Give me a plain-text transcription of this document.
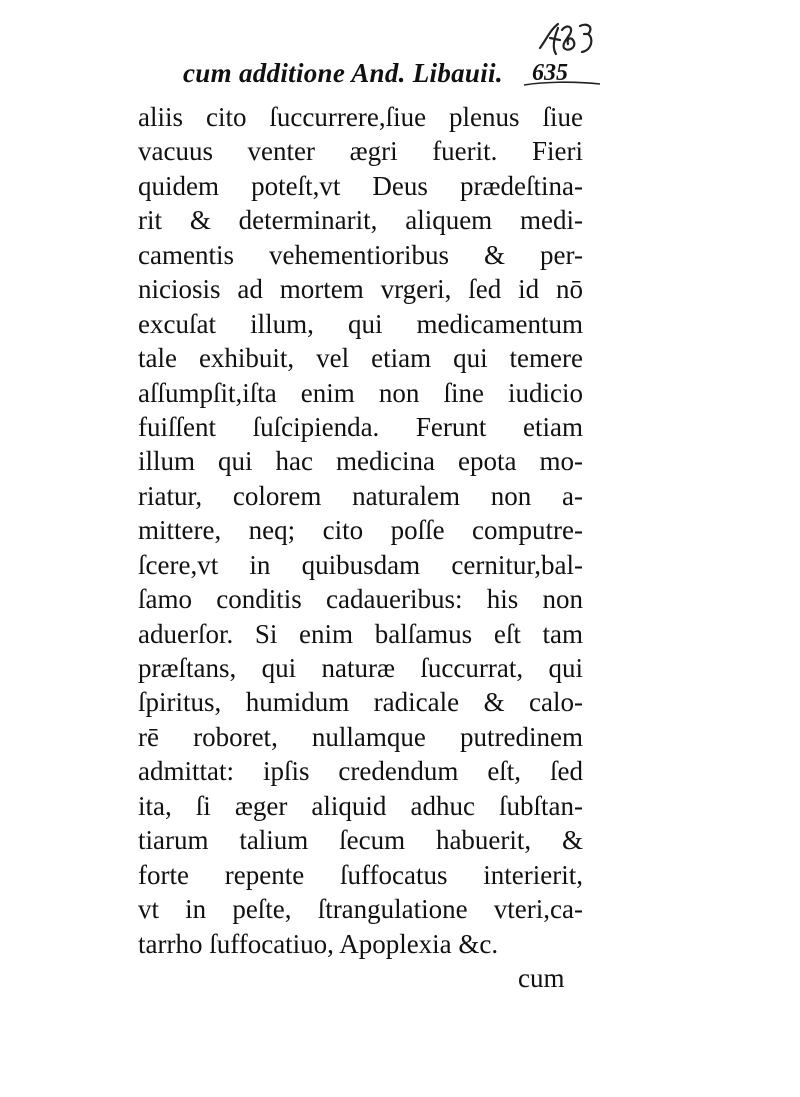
cum additione And. Libauii. 635
aliis cito ſuccurrere,ſiue plenus ſiue
vacuus venter ægri fuerit. Fieri
quidem poteſt,vt Deus prædeſtina-
rit & determinarit, aliquem medi-
camentis vehementioribus & per-
niciosis ad mortem vrgeri, ſed id nō
excuſat illum, qui medicamentum
tale exhibuit, vel etiam qui temere
aſſumpſit,iſta enim non ſine iudicio
fuiſſent ſuſcipienda. Ferunt etiam
illum qui hac medicina epota mo-
riatur, colorem naturalem non a-
mittere, neq; cito poſſe computre-
ſcere,vt in quibusdam cernitur,bal-
ſamo conditis cadaueribus: his non
aduerſor. Si enim balſamus eſt tam
præſtans, qui naturæ ſuccurrat, qui
ſpiritus, humidum radicale & calo-
rē roboret, nullamque putredinem
admittat: ipſis credendum eſt, ſed
ita, ſi æger aliquid adhuc ſubſtan-
tiarum talium ſecum habuerit, &
forte repente ſuffocatus interierit,
vt in peſte, ſtrangulatione vteri,ca-
tarrho ſuffocatiuo, Apoplexia &c.
cum
